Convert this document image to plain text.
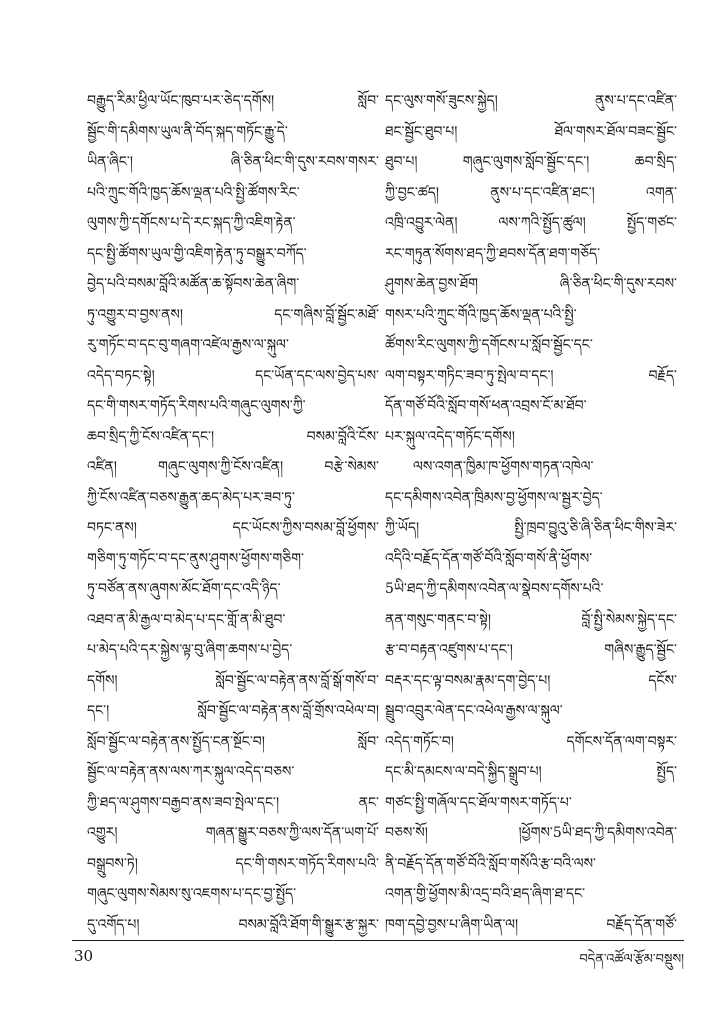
བརྒྱུད་རིམ་ཕྱིལ་ཡོང་ཁུབ་པར་ཅེད་དགོས། སློབ་
སྦྱོང་གི་དམིགས་ཡུལ་ནི་བོད་སྐད་གཏོང་རྒྱུ་དེ་
ཡིན་ཞིང་། ཞི་ཅིན་ཕིང་གི་དུས་རབས་གསར་
པའི་ཀྲུང་གོའི་ཁྱད་ཆོས་ལྡན་པའི་སྤྱི་ཚོགས་རིང་
ལུགས་ཀྱི་དགོངས་པ་དེ་རང་སྐད་ཀྱི་འཇིག་རྟེན་
དང་སྤྱི་ཚོགས་ཡུལ་གྱི་འཇིག་རྟེན་ཏུ་བསྒྱུར་བཀོད་
བྱེད་པའི་བསམ་བློའི་མཚོན་ཆ་སྟོབས་ཆེན་ཞིག་
ཏུ་འགྱུར་བ་བྱས་ནས། དང་གཞིས་བློ་སྦྱོང་མཐོ་
རུ་གཏོང་བ་དང་བུ་གཞག་འཛེལ་རྒྱས་ལ་སྐུལ་
འདེད་བཏང་སྟེ། དང་ཡོན་དང་ལས་བྱེད་པས་
དང་གི་གསར་གཏོད་རིགས་པའི་གཞུང་ལུགས་ཀྱི་
ཆབ་སྲིད་ཀྱི་ངོས་འཛིན་དང་། བསམ་བློའི་ངོས་
འཛིན། གཞུང་ལུགས་ཀྱི་ངོས་འཛིན། བརྩེ་སེམས་
ཀྱི་ངོས་འཛིན་བཅས་རྒྱུན་ཆད་མེད་པར་ཟབ་ཏུ་
བཏང་ནས། དང་ཡོངས་ཀྱིས་བསམ་བློ་ཕྱོགས་
གཅིག་ཏུ་གཏོང་བ་དང་ནུས་ཤུགས་ཕྱོགས་གཅིག་
ཏུ་བཙོན་ནས་ཞུགས་མོང་ཐོག་དང་འདི་ཉིད་
འཐབ་ན་མི་རྒྱལ་བ་མེད་པ་དང་གློ་ན་མི་ཐུབ་
པ་མེད་པའི་དར་སྐྱེས་ལྟ་བུ་ཞིག་ཆགས་པ་བྱེད་
དགོས། སློབ་སྦྱོང་ལ་བརྟེན་ནས་བློ་སྒོ་གསོ་བ་
དང་། སློབ་སྦྱོང་ལ་བརྟེན་ནས་བློ་གྲོས་འཕེལ་བ།
སློབ་སྦྱོང་ལ་བརྟེན་ནས་སྤྱོད་ངན་སྔོང་བ། སློབ་
སྦྱོང་ལ་བརྟེན་ནས་ལས་ཀར་སྐུལ་འདེད་བཅས་
ཀྱི་ཐད་ལ་ཤུགས་བརྒྱབ་ནས་ཟབ་སྤེལ་དང་། ནང་
འགྱུར། གཞན་སྒྱུར་བཅས་ཀྱི་ལས་དོན་ཡག་པོ་
བསྒྲུབས་ཏེ། དང་གི་གསར་གཏོད་རིགས་པའི་
གཞུང་ལུགས་སེམས་སུ་འཇགས་པ་དང་བྱ་སྤྱོད་
དུ་འགོད་པ། བསམ་བློའི་ཐོག་གི་སྒྱུར་རྩ་སྐྱར་
དང་ལུས་གསོ་ཟུངས་སྐྱེད། ནུས་པ་དང་འཛིན་
ཐང་སྦྱོང་ཐུབ་པ། ཐོལ་གསར་ཐོལ་བཟང་སྦྱོང་
ཐུབ་པ། གཞུང་ལུགས་སློབ་སྦྱོང་དང་། ཆབ་སྲིད་
ཀྱི་བྱང་ཚད། ནུས་པ་དང་འཛིན་ཐང་། འགན་
འཁྲི་འབྱུར་ལེན། ལས་ཀའི་སྤྱོད་ཚུལ། སྤྱོད་གཙང་
རང་གཏུན་སོགས་ཐད་ཀྱི་ཐབས་དོན་ཐག་གཅོད་
ཤུགས་ཆེན་བྱས་ཐོག ཞི་ཅིན་ཕིང་གི་དུས་རབས་
གསར་པའི་ཀྲུང་གོའི་ཁྱད་ཆོས་ལྡན་པའི་སྤྱི་
ཚོགས་རིང་ལུགས་ཀྱི་དགོངས་པ་སློབ་སྦྱོང་དང་
ལག་བསྟར་གཏིང་ཟབ་ཏུ་སྤེལ་བ་དང་། བརྗོད་
དོན་གཙོ་བོའི་སློབ་གསོ་ཕན་འབྲས་ངོ་མ་ཐོབ་
པར་སྐུལ་འདེད་གཏོང་དགོས།
ལས་འགན་ཁྱིམ་ཁ་ཕྱོགས་གཏན་འཁེལ་
དང་དམིགས་འབེན་ཁྲིམས་བྱ་ཕྱོགས་ལ་སྦྱར་བྱེད་
ཀྱི་ཡོད། སྤྱི་ཁྲབ་བྱུའུ་ཅི་ཞི་ཅིན་ཕིང་གིས་ཟེར་
འདིའི་བརྗོད་དོན་གཙོ་བོའི་སློབ་གསོ་ནི་ཕྱོགས་
5ཡི་ཐད་ཀྱི་དམིགས་འབེན་ལ་སྣེབས་དགོས་པའི་
ནན་གསུང་གནང་བ་སྟེ། བློ་སྤྱི་སེམས་སྐྱེད་དང་
རྩ་བ་བརྟན་འཛུགས་པ་དང་། གཞིས་རྒྱུད་སྦྱོང་
བརྡར་དང་ལྟ་བསམ་རྣམ་དག་བྱེད་པ། དངོས་
སྦྲུབ་འབྲུར་ལེན་དང་འཕེལ་རྒྱས་ལ་སྐུལ་
འདེད་གཏོང་བ། དགོངས་དོན་ལག་བསྟར་
དང་མི་དམངས་ལ་བདེ་སྐྱིད་སྒྲུབ་པ། སྤྱོད་
གཙང་སྤྱི་གཞོལ་དང་ཐོལ་གསར་གཏོད་པ་
བཅས་སོ། །ཕྱོགས་5ཡི་ཐད་ཀྱི་དམིགས་འབེན་
ནི་བརྗོད་དོན་གཙོ་བོའི་སློབ་གསོའི་རྩ་བའི་ལས་
འགན་གྱི་ཕྱོགས་མི་འདྲ་བའི་ཐད་ཞིག་ཐ་དང་
ཁག་དབྱེ་བྱས་པ་ཞིག་ཡིན་ལ། བརྗོད་དོན་གཙོ་
30	བདེན་འཚོལ་རྩོམ་བསྡུས།
